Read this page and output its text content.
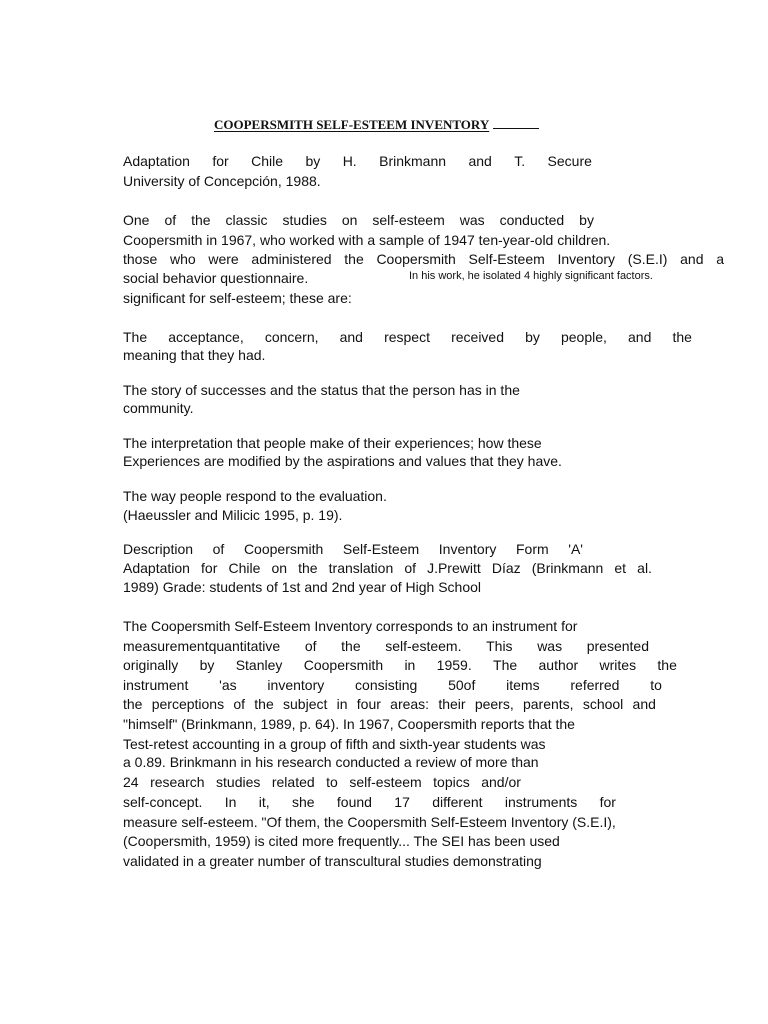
COOPERSMITH SELF-ESTEEM INVENTORY

Adaptation for Chile by H. Brinkmann and T. Secure

University of Concepción, 1988.

One of the classic studies on self-esteem was conducted by

Coopersmith in 1967, who worked with a sample of 1947 ten-year-old children.

those who were administered the Coopersmith Self-Esteem Inventory (S.E.I) and a

social behavior questionnaire.	In his work, he isolated 4 highly significant factors.

significant for self-esteem; these are:

The acceptance, concern, and respect received by people, and the

meaning that they had.

The story of successes and the status that the person has in the

community.

The interpretation that people make of their experiences; how these

Experiences are modified by the aspirations and values that they have.

The way people respond to the evaluation.

(Haeussler and Milicic 1995, p. 19).

Description of Coopersmith Self-Esteem Inventory Form 'A'
Adaptation for Chile on the translation of J.Prewitt Díaz (Brinkmann et al.

1989) Grade: students of 1st and 2nd year of High School

The Coopersmith Self-Esteem Inventory corresponds to an instrument for

measurementquantitative of the self-esteem. This was presented
originally by Stanley Coopersmith in 1959. The author writes the
instrument 'as inventory consisting 50of items referred to
the perceptions of the subject in four areas: their peers, parents, school and

"himself" (Brinkmann, 1989, p. 64). In 1967, Coopersmith reports that the

Test-retest accounting in a group of fifth and sixth-year students was

a 0.89. Brinkmann in his research conducted a review of more than

24 research studies related to self-esteem topics and/or
self-concept. In it, she found 17 different instruments for

measure self-esteem. "Of them, the Coopersmith Self-Esteem Inventory (S.E.I),

(Coopersmith, 1959) is cited more frequently... The SEI has been used

validated in a greater number of transcultural studies demonstrating
